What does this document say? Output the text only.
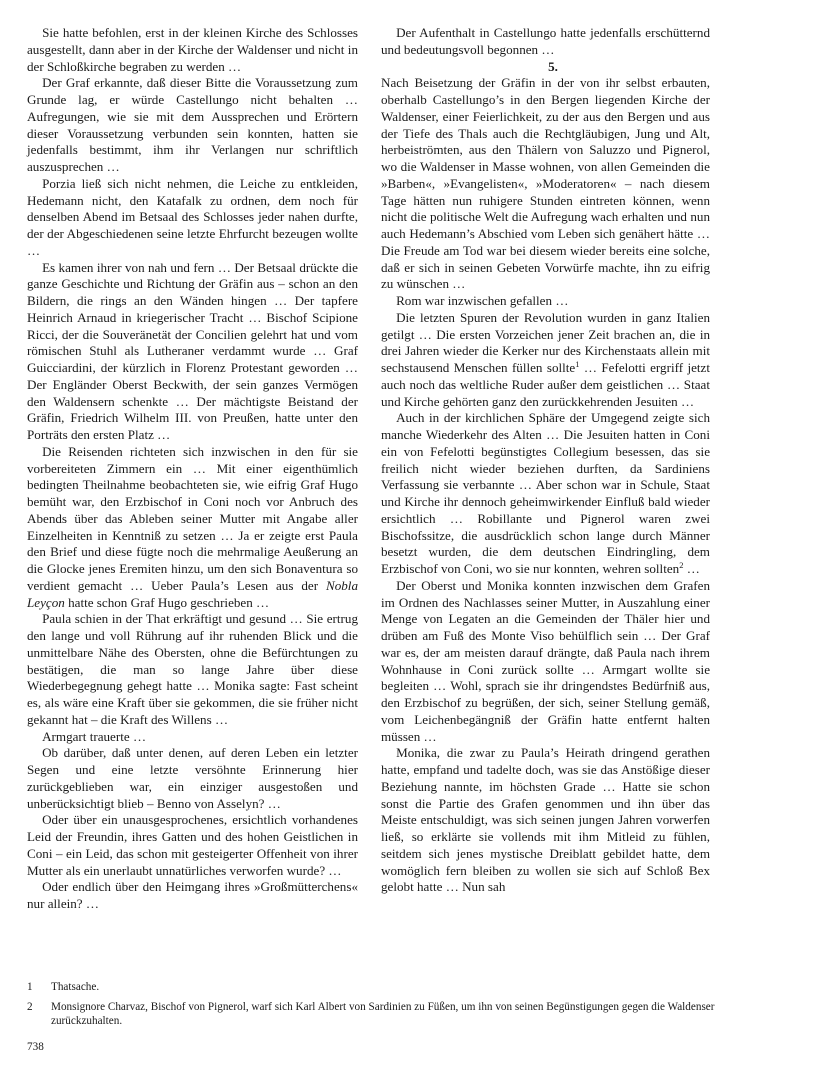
Sie hatte befohlen, erst in der kleinen Kirche des Schlosses ausgestellt, dann aber in der Kirche der Waldenser und nicht in der Schloßkirche begraben zu werden …

Der Graf erkannte, daß dieser Bitte die Voraussetzung zum Grunde lag, er würde Castellungo nicht behalten … Aufregungen, wie sie mit dem Aussprechen und Erörtern dieser Voraussetzung verbunden sein konnten, hatten sie jedenfalls bestimmt, ihm ihr Verlangen nur schriftlich auszusprechen …

Porzia ließ sich nicht nehmen, die Leiche zu entkleiden, Hedemann nicht, den Katafalk zu ordnen, dem noch für denselben Abend im Betsaal des Schlosses jeder nahen durfte, der der Abgeschiedenen seine letzte Ehrfurcht bezeugen wollte …

Es kamen ihrer von nah und fern … Der Betsaal drückte die ganze Geschichte und Richtung der Gräfin aus – schon an den Bildern, die rings an den Wänden hingen … Der tapfere Heinrich Arnaud in kriegerischer Tracht … Bischof Scipione Ricci, der die Souveränetät der Concilien gelehrt hat und vom römischen Stuhl als Lutheraner verdammt wurde … Graf Guicciardini, der kürzlich in Florenz Protestant geworden … Der Engländer Oberst Beckwith, der sein ganzes Vermögen den Waldensern schenkte … Der mächtigste Beistand der Gräfin, Friedrich Wilhelm III. von Preußen, hatte unter den Porträts den ersten Platz …

Die Reisenden richteten sich inzwischen in den für sie vorbereiteten Zimmern ein … Mit einer eigenthümlich bedingten Theilnahme beobachteten sie, wie eifrig Graf Hugo bemüht war, den Erzbischof in Coni noch vor Anbruch des Abends über das Ableben seiner Mutter mit Angabe aller Einzelheiten in Kenntniß zu setzen … Ja er zeigte erst Paula den Brief und diese fügte noch die mehrmalige Aeußerung an die Glocke jenes Eremiten hinzu, um den sich Bonaventura so verdient gemacht … Ueber Paula’s Lesen aus der Nobla Leyçon hatte schon Graf Hugo geschrieben …

Paula schien in der That erkräftigt und gesund … Sie ertrug den lange und voll Rührung auf ihr ruhenden Blick und die unmittelbare Nähe des Obersten, ohne die Befürchtungen zu bestätigen, die man so lange Jahre über diese Wiederbegegnung gehegt hatte … Monika sagte: Fast scheint es, als wäre eine Kraft über sie gekommen, die sie früher nicht gekannt hat – die Kraft des Willens …

Armgart trauerte …

Ob darüber, daß unter denen, auf deren Leben ein letzter Segen und eine letzte versöhnte Erinnerung hier zurückgeblieben war, ein einziger ausgestoßen und unberücksichtigt blieb – Benno von Asselyn? …

Oder über ein unausgesprochenes, ersichtlich vorhandenes Leid der Freundin, ihres Gatten und des hohen Geistlichen in Coni – ein Leid, das schon mit gesteigerter Offenheit von ihrer Mutter als ein unerlaubt unnatürliches verworfen wurde? …

Oder endlich über den Heimgang ihres »Großmütterchens« nur allein? …

Der Aufenthalt in Castellungo hatte jedenfalls erschütternd und bedeutungsvoll begonnen …

5.

Nach Beisetzung der Gräfin in der von ihr selbst erbauten, oberhalb Castellungo’s in den Bergen liegenden Kirche der Waldenser, einer Feierlichkeit, zu der aus den Bergen und aus der Tiefe des Thals auch die Rechtgläubigen, Jung und Alt, herbeiströmten, aus den Thälern von Saluzzo und Pignerol, wo die Waldenser in Masse wohnen, von allen Gemeinden die »Barben«, »Evangelisten«, »Moderatoren« – nach diesem Tage hätten nun ruhigere Stunden eintreten können, wenn nicht die politische Welt die Aufregung wach erhalten und nun auch Hedemann’s Abschied vom Leben sich genähert hätte … Die Freude am Tod war bei diesem wieder bereits eine solche, daß er sich in seinen Gebeten Vorwürfe machte, ihn zu eifrig zu wünschen …

Rom war inzwischen gefallen …

Die letzten Spuren der Revolution wurden in ganz Italien getilgt … Die ersten Vorzeichen jener Zeit brachen an, die in drei Jahren wieder die Kerker nur des Kirchenstaats allein mit sechstausend Menschen füllen sollte$^1$ … Fefelotti ergriff jetzt auch noch das weltliche Ruder außer dem geistlichen … Staat und Kirche gehörten ganz den zurückkehrenden Jesuiten …

Auch in der kirchlichen Sphäre der Umgegend zeigte sich manche Wiederkehr des Alten … Die Jesuiten hatten in Coni ein von Fefelotti begünstigtes Collegium besessen, das sie freilich nicht wieder beziehen durften, da Sardiniens Verfassung sie verbannte … Aber schon war in Schule, Staat und Kirche ihr dennoch geheimwirkender Einfluß bald wieder ersichtlich … Robillante und Pignerol waren zwei Bischofssitze, die ausdrücklich schon lange durch Männer besetzt wurden, die dem deutschen Eindringling, dem Erzbischof von Coni, wo sie nur konnten, wehren sollten$^2$ …

Der Oberst und Monika konnten inzwischen dem Grafen im Ordnen des Nachlasses seiner Mutter, in Auszahlung einer Menge von Legaten an die Gemeinden der Thäler hier und drüben am Fuß des Monte Viso behülflich sein … Der Graf war es, der am meisten darauf drängte, daß Paula nach ihrem Wohnhause in Coni zurück sollte … Armgart wollte sie begleiten … Wohl, sprach sie ihr dringendstes Bedürfniß aus, den Erzbischof zu begrüßen, der sich, seiner Stellung gemäß, vom Leichenbegängniß der Gräfin hatte entfernt halten müssen …

Monika, die zwar zu Paula’s Heirath dringend gerathen hatte, empfand und tadelte doch, was sie das Anstößige dieser Beziehung nannte, im höchsten Grade … Hatte sie schon sonst die Partie des Grafen genommen und ihn über das Meiste entschuldigt, was sich seinen jungen Jahren vorwerfen ließ, so erklärte sie vollends mit ihm Mitleid zu fühlen, seitdem sich jenes mystische Dreiblatt gebildet hatte, dem womöglich fern bleiben zu wollen sie sich auf Schloß Bex gelobt hatte … Nun sah

1	Thatsache.
2	Monsignore Charvaz, Bischof von Pignerol, warf sich Karl Albert von Sardinien zu Füßen, um ihn von seinen Begünstigungen gegen die Waldenser zurückzuhalten.
738
